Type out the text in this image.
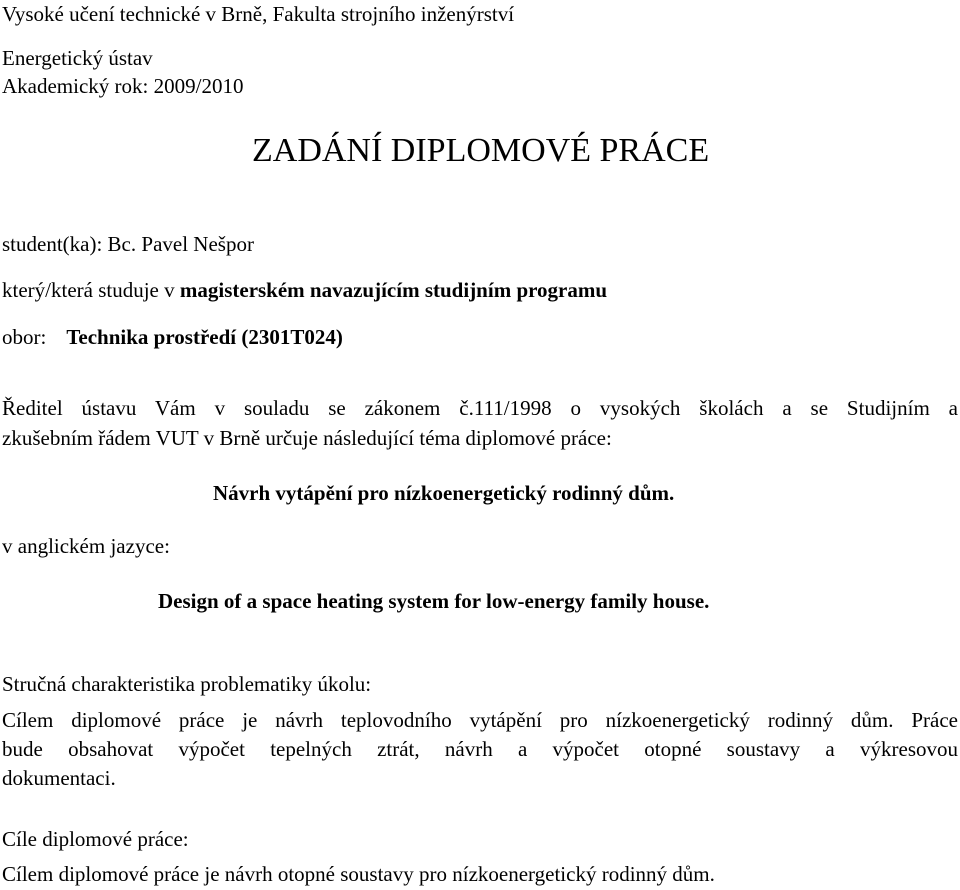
Vysoké učení technické v Brně, Fakulta strojního inženýrství
Energetický ústav
Akademický rok: 2009/2010
ZADÁNÍ DIPLOMOVÉ PRÁCE
student(ka): Bc. Pavel Nešpor
který/která studuje v magisterském navazujícím studijním programu
obor: Technika prostředí (2301T024)
Ředitel ústavu Vám v souladu se zákonem č.111/1998 o vysokých školách a se Studijním a
zkušebním řádem VUT v Brně určuje následující téma diplomové práce:
Návrh vytápění pro nízkoenergetický rodinný dům.
v anglickém jazyce:
Design of a space heating system for low-energy family house.
Stručná charakteristika problematiky úkolu:
Cílem diplomové práce je návrh teplovodního vytápění pro nízkoenergetický rodinný dům. Práce
bude obsahovat výpočet tepelných ztrát, návrh a výpočet otopné soustavy a výkresovou
dokumentaci.
Cíle diplomové práce:
Cílem diplomové práce je návrh otopné soustavy pro nízkoenergetický rodinný dům.
